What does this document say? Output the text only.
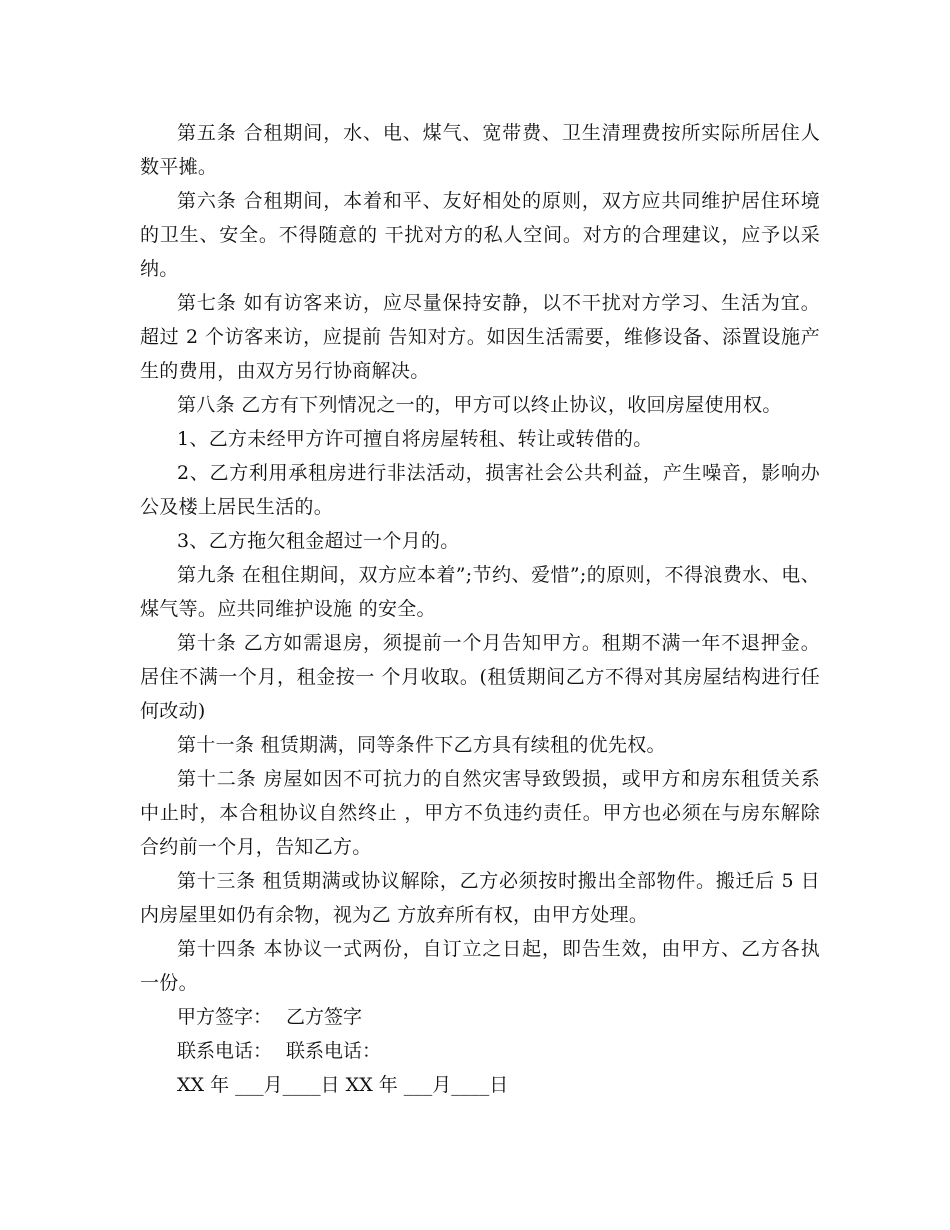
第五条 合租期间，水、电、煤气、宽带费、卫生清理费按所实际所居住人数平摊。

第六条 合租期间，本着和平、友好相处的原则，双方应共同维护居住环境的卫生、安全。不得随意的 干扰对方的私人空间。对方的合理建议，应予以采纳。

第七条 如有访客来访，应尽量保持安静，以不干扰对方学习、生活为宜。超过 2 个访客来访，应提前 告知对方。如因生活需要，维修设备、添置设施产生的费用，由双方另行协商解决。

第八条 乙方有下列情况之一的，甲方可以终止协议，收回房屋使用权。

1、乙方未经甲方许可擅自将房屋转租、转让或转借的。

2、乙方利用承租房进行非法活动，损害社会公共利益，产生噪音，影响办公及楼上居民生活的。

3、乙方拖欠租金超过一个月的。

第九条 在租住期间，双方应本着”;节约、爱惜”;的原则，不得浪费水、电、煤气等。应共同维护设施 的安全。

第十条 乙方如需退房，须提前一个月告知甲方。租期不满一年不退押金。居住不满一个月，租金按一 个月收取。(租赁期间乙方不得对其房屋结构进行任何改动)

第十一条 租赁期满，同等条件下乙方具有续租的优先权。

第十二条 房屋如因不可抗力的自然灾害导致毁损，或甲方和房东租赁关系中止时，本合租协议自然终止 ，甲方不负违约责任。甲方也必须在与房东解除合约前一个月，告知乙方。

第十三条 租赁期满或协议解除，乙方必须按时搬出全部物件。搬迁后 5 日内房屋里如仍有余物，视为乙 方放弃所有权，由甲方处理。

第十四条 本协议一式两份，自订立之日起，即告生效，由甲方、乙方各执一份。

甲方签字： 乙方签字
联系电话： 联系电话：
XX 年 ___月____日 XX 年 ___月____日
